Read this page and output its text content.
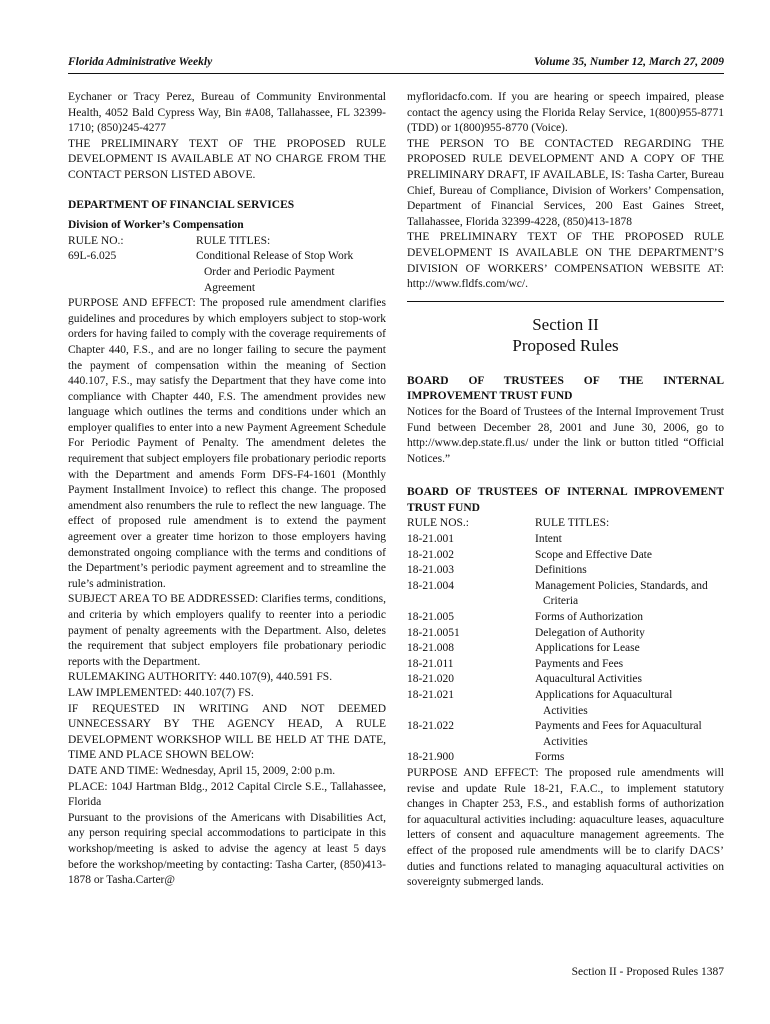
Florida Administrative Weekly	Volume 35, Number 12, March 27, 2009

Eychaner or Tracy Perez, Bureau of Community Environmental Health, 4052 Bald Cypress Way, Bin #A08, Tallahassee, FL 32399-1710; (850)245-4277

THE PRELIMINARY TEXT OF THE PROPOSED RULE DEVELOPMENT IS AVAILABLE AT NO CHARGE FROM THE CONTACT PERSON LISTED ABOVE.

DEPARTMENT OF FINANCIAL SERVICES

Division of Worker’s Compensation

RULE NO.:	RULE TITLES:
69L-6.025	Conditional Release of Stop Work
Order and Periodic Payment
Agreement

PURPOSE AND EFFECT: The proposed rule amendment clarifies guidelines and procedures by which employers subject to stop-work orders for having failed to comply with the coverage requirements of Chapter 440, F.S., and are no longer failing to secure the payment the payment of compensation within the meaning of Section 440.107, F.S., may satisfy the Department that they have come into compliance with Chapter 440, F.S. The amendment provides new language which outlines the terms and conditions under which an employer qualifies to enter into a new Payment Agreement Schedule For Periodic Payment of Penalty. The amendment deletes the requirement that subject employers file probationary periodic reports with the Department and amends Form DFS-F4-1601 (Monthly Payment Installment Invoice) to reflect this change. The proposed amendment also renumbers the rule to reflect the new language. The effect of proposed rule amendment is to extend the payment agreement over a greater time horizon to those employers having demonstrated ongoing compliance with the terms and conditions of the Department’s periodic payment agreement and to streamline the rule’s administration.

SUBJECT AREA TO BE ADDRESSED: Clarifies terms, conditions, and criteria by which employers qualify to reenter into a periodic payment of penalty agreements with the Department. Also, deletes the requirement that subject employers file probationary periodic reports with the Department.

RULEMAKING AUTHORITY: 440.107(9), 440.591 FS.

LAW IMPLEMENTED: 440.107(7) FS.

IF REQUESTED IN WRITING AND NOT DEEMED UNNECESSARY BY THE AGENCY HEAD, A RULE DEVELOPMENT WORKSHOP WILL BE HELD AT THE DATE, TIME AND PLACE SHOWN BELOW:

DATE AND TIME: Wednesday, April 15, 2009, 2:00 p.m.

PLACE: 104J Hartman Bldg., 2012 Capital Circle S.E., Tallahassee, Florida

Pursuant to the provisions of the Americans with Disabilities Act, any person requiring special accommodations to participate in this workshop/meeting is asked to advise the agency at least 5 days before the workshop/meeting by contacting: Tasha Carter, (850)413-1878 or Tasha.Carter@

myfloridacfo.com. If you are hearing or speech impaired, please contact the agency using the Florida Relay Service, 1(800)955-8771 (TDD) or 1(800)955-8770 (Voice).

THE PERSON TO BE CONTACTED REGARDING THE PROPOSED RULE DEVELOPMENT AND A COPY OF THE PRELIMINARY DRAFT, IF AVAILABLE, IS: Tasha Carter, Bureau Chief, Bureau of Compliance, Division of Workers’ Compensation, Department of Financial Services, 200 East Gaines Street, Tallahassee, Florida 32399-4228, (850)413-1878

THE PRELIMINARY TEXT OF THE PROPOSED RULE DEVELOPMENT IS AVAILABLE ON THE DEPARTMENT’S DIVISION OF WORKERS’ COMPENSATION WEBSITE AT: http://www.fldfs.com/wc/.

Section II
Proposed Rules

BOARD OF TRUSTEES OF THE INTERNAL IMPROVEMENT TRUST FUND

Notices for the Board of Trustees of the Internal Improvement Trust Fund between December 28, 2001 and June 30, 2006, go to http://www.dep.state.fl.us/ under the link or button titled “Official Notices.”

BOARD OF TRUSTEES OF INTERNAL IMPROVEMENT TRUST FUND

RULE NOS.:	RULE TITLES:
18-21.001	Intent
18-21.002	Scope and Effective Date
18-21.003	Definitions
18-21.004	Management Policies, Standards, and
Criteria
18-21.005	Forms of Authorization
18-21.0051	Delegation of Authority
18-21.008	Applications for Lease
18-21.011	Payments and Fees
18-21.020	Aquacultural Activities
18-21.021	Applications for Aquacultural
Activities
18-21.022	Payments and Fees for Aquacultural
Activities
18-21.900	Forms

PURPOSE AND EFFECT: The proposed rule amendments will revise and update Rule 18-21, F.A.C., to implement statutory changes in Chapter 253, F.S., and establish forms of authorization for aquacultural activities including: aquaculture leases, aquaculture letters of consent and aquaculture management agreements. The effect of the proposed rule amendments will be to clarify DACS’ duties and functions related to managing aquacultural activities on sovereignty submerged lands.

Section II - Proposed Rules 1387
